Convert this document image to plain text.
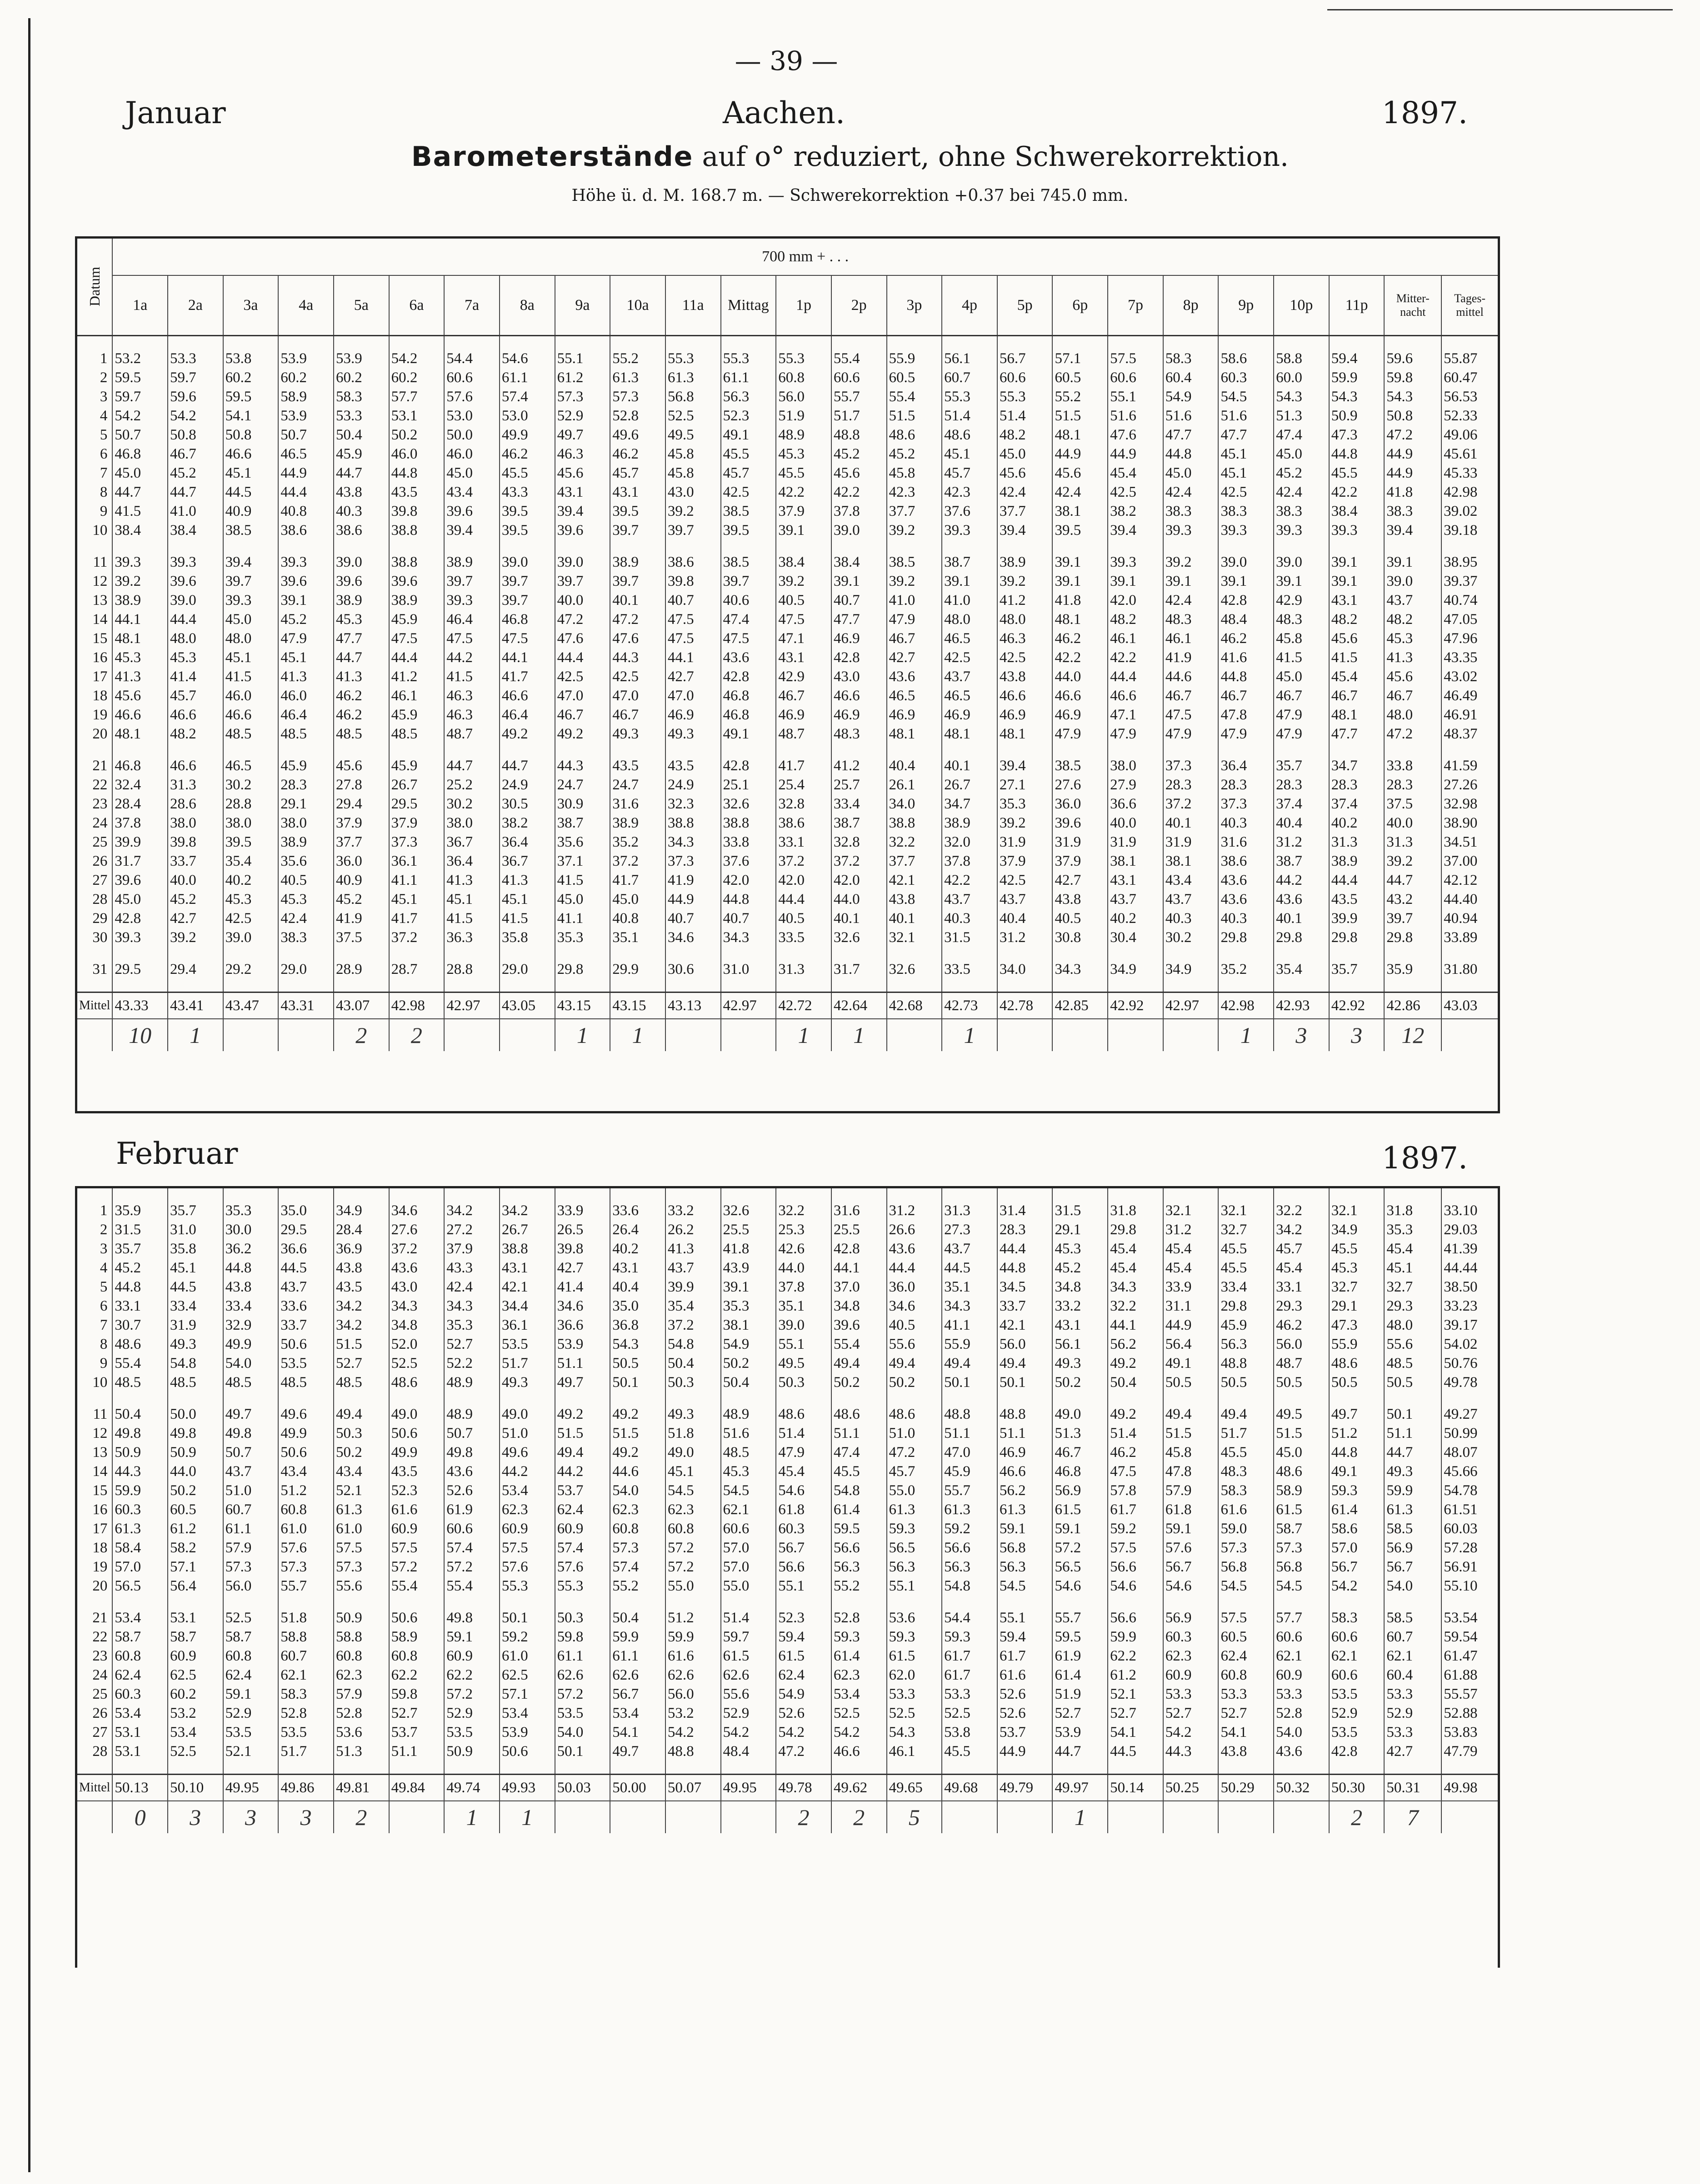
— 39 —
Januar	Aachen.	1897.
Barometerstände auf o° reduziert, ohne Schwerekorrektion.
Höhe ü. d. M. 168.7 m. — Schwerekorrektion +0.37 bei 745.0 mm.
Datum	700 mm + . . .																								
	1a	2a	3a	4a	5a	6a	7a	8a	9a	10a	11a	Mittag	1p	2p	3p	4p	5p	6p	7p	8p	9p	10p	11p	Mitter-nacht	Tages-mittel

1	53.2	53.3	53.8	53.9	53.9	54.2	54.4	54.6	55.1	55.2	55.3	55.3	55.3	55.4	55.9	56.1	56.7	57.1	57.5	58.3	58.6	58.8	59.4	59.6	55.87
2	59.5	59.7	60.2	60.2	60.2	60.2	60.6	61.1	61.2	61.3	61.3	61.1	60.8	60.6	60.5	60.7	60.6	60.5	60.6	60.4	60.3	60.0	59.9	59.8	60.47
3	59.7	59.6	59.5	58.9	58.3	57.7	57.6	57.4	57.3	57.3	56.8	56.3	56.0	55.7	55.4	55.3	55.3	55.2	55.1	54.9	54.5	54.3	54.3	54.3	56.53
4	54.2	54.2	54.1	53.9	53.3	53.1	53.0	53.0	52.9	52.8	52.5	52.3	51.9	51.7	51.5	51.4	51.4	51.5	51.6	51.6	51.6	51.3	50.9	50.8	52.33
5	50.7	50.8	50.8	50.7	50.4	50.2	50.0	49.9	49.7	49.6	49.5	49.1	48.9	48.8	48.6	48.6	48.2	48.1	47.6	47.7	47.7	47.4	47.3	47.2	49.06
6	46.8	46.7	46.6	46.5	45.9	46.0	46.0	46.2	46.3	46.2	45.8	45.5	45.3	45.2	45.2	45.1	45.0	44.9	44.9	44.8	45.1	45.0	44.8	44.9	45.61
7	45.0	45.2	45.1	44.9	44.7	44.8	45.0	45.5	45.6	45.7	45.8	45.7	45.5	45.6	45.8	45.7	45.6	45.6	45.4	45.0	45.1	45.2	45.5	44.9	45.33
8	44.7	44.7	44.5	44.4	43.8	43.5	43.4	43.3	43.1	43.1	43.0	42.5	42.2	42.2	42.3	42.3	42.4	42.4	42.5	42.4	42.5	42.4	42.2	41.8	42.98
9	41.5	41.0	40.9	40.8	40.3	39.8	39.6	39.5	39.4	39.5	39.2	38.5	37.9	37.8	37.7	37.6	37.7	38.1	38.2	38.3	38.3	38.3	38.4	38.3	39.02
10	38.4	38.4	38.5	38.6	38.6	38.8	39.4	39.5	39.6	39.7	39.7	39.5	39.1	39.0	39.2	39.3	39.4	39.5	39.4	39.3	39.3	39.3	39.3	39.4	39.18

11	39.3	39.3	39.4	39.3	39.0	38.8	38.9	39.0	39.0	38.9	38.6	38.5	38.4	38.4	38.5	38.7	38.9	39.1	39.3	39.2	39.0	39.0	39.1	39.1	38.95
12	39.2	39.6	39.7	39.6	39.6	39.6	39.7	39.7	39.7	39.7	39.8	39.7	39.2	39.1	39.2	39.1	39.2	39.1	39.1	39.1	39.1	39.1	39.1	39.0	39.37
13	38.9	39.0	39.3	39.1	38.9	38.9	39.3	39.7	40.0	40.1	40.7	40.6	40.5	40.7	41.0	41.0	41.2	41.8	42.0	42.4	42.8	42.9	43.1	43.7	40.74
14	44.1	44.4	45.0	45.2	45.3	45.9	46.4	46.8	47.2	47.2	47.5	47.4	47.5	47.7	47.9	48.0	48.0	48.1	48.2	48.3	48.4	48.3	48.2	48.2	47.05
15	48.1	48.0	48.0	47.9	47.7	47.5	47.5	47.5	47.6	47.6	47.5	47.5	47.1	46.9	46.7	46.5	46.3	46.2	46.1	46.1	46.2	45.8	45.6	45.3	47.96
16	45.3	45.3	45.1	45.1	44.7	44.4	44.2	44.1	44.4	44.3	44.1	43.6	43.1	42.8	42.7	42.5	42.5	42.2	42.2	41.9	41.6	41.5	41.5	41.3	43.35
17	41.3	41.4	41.5	41.3	41.3	41.2	41.5	41.7	42.5	42.5	42.7	42.8	42.9	43.0	43.6	43.7	43.8	44.0	44.4	44.6	44.8	45.0	45.4	45.6	43.02
18	45.6	45.7	46.0	46.0	46.2	46.1	46.3	46.6	47.0	47.0	47.0	46.8	46.7	46.6	46.5	46.5	46.6	46.6	46.6	46.7	46.7	46.7	46.7	46.7	46.49
19	46.6	46.6	46.6	46.4	46.2	45.9	46.3	46.4	46.7	46.7	46.9	46.8	46.9	46.9	46.9	46.9	46.9	46.9	47.1	47.5	47.8	47.9	48.1	48.0	46.91
20	48.1	48.2	48.5	48.5	48.5	48.5	48.7	49.2	49.2	49.3	49.3	49.1	48.7	48.3	48.1	48.1	48.1	47.9	47.9	47.9	47.9	47.9	47.7	47.2	48.37

21	46.8	46.6	46.5	45.9	45.6	45.9	44.7	44.7	44.3	43.5	43.5	42.8	41.7	41.2	40.4	40.1	39.4	38.5	38.0	37.3	36.4	35.7	34.7	33.8	41.59
22	32.4	31.3	30.2	28.3	27.8	26.7	25.2	24.9	24.7	24.7	24.9	25.1	25.4	25.7	26.1	26.7	27.1	27.6	27.9	28.3	28.3	28.3	28.3	28.3	27.26
23	28.4	28.6	28.8	29.1	29.4	29.5	30.2	30.5	30.9	31.6	32.3	32.6	32.8	33.4	34.0	34.7	35.3	36.0	36.6	37.2	37.3	37.4	37.4	37.5	32.98
24	37.8	38.0	38.0	38.0	37.9	37.9	38.0	38.2	38.7	38.9	38.8	38.8	38.6	38.7	38.8	38.9	39.2	39.6	40.0	40.1	40.3	40.4	40.2	40.0	38.90
25	39.9	39.8	39.5	38.9	37.7	37.3	36.7	36.4	35.6	35.2	34.3	33.8	33.1	32.8	32.2	32.0	31.9	31.9	31.9	31.9	31.6	31.2	31.3	31.3	34.51
26	31.7	33.7	35.4	35.6	36.0	36.1	36.4	36.7	37.1	37.2	37.3	37.6	37.2	37.2	37.7	37.8	37.9	37.9	38.1	38.1	38.6	38.7	38.9	39.2	37.00
27	39.6	40.0	40.2	40.5	40.9	41.1	41.3	41.3	41.5	41.7	41.9	42.0	42.0	42.0	42.1	42.2	42.5	42.7	43.1	43.4	43.6	44.2	44.4	44.7	42.12
28	45.0	45.2	45.3	45.3	45.2	45.1	45.1	45.1	45.0	45.0	44.9	44.8	44.4	44.0	43.8	43.7	43.7	43.8	43.7	43.7	43.6	43.6	43.5	43.2	44.40
29	42.8	42.7	42.5	42.4	41.9	41.7	41.5	41.5	41.1	40.8	40.7	40.7	40.5	40.1	40.1	40.3	40.4	40.5	40.2	40.3	40.3	40.1	39.9	39.7	40.94
30	39.3	39.2	39.0	38.3	37.5	37.2	36.3	35.8	35.3	35.1	34.6	34.3	33.5	32.6	32.1	31.5	31.2	30.8	30.4	30.2	29.8	29.8	29.8	29.8	33.89

31	29.5	29.4	29.2	29.0	28.9	28.7	28.8	29.0	29.8	29.9	30.6	31.0	31.3	31.7	32.6	33.5	34.0	34.3	34.9	34.9	35.2	35.4	35.7	35.9	31.80

Mittel	43.33	43.41	43.47	43.31	43.07	42.98	42.97	43.05	43.15	43.15	43.13	42.97	42.72	42.64	42.68	42.73	42.78	42.85	42.92	42.97	42.98	42.93	42.92	42.86	43.03
	10	1			2	2			1	1			1	1		1					1	3	3	12	
Februar	1897.

1	35.9	35.7	35.3	35.0	34.9	34.6	34.2	34.2	33.9	33.6	33.2	32.6	32.2	31.6	31.2	31.3	31.4	31.5	31.8	32.1	32.1	32.2	32.1	31.8	33.10
2	31.5	31.0	30.0	29.5	28.4	27.6	27.2	26.7	26.5	26.4	26.2	25.5	25.3	25.5	26.6	27.3	28.3	29.1	29.8	31.2	32.7	34.2	34.9	35.3	29.03
3	35.7	35.8	36.2	36.6	36.9	37.2	37.9	38.8	39.8	40.2	41.3	41.8	42.6	42.8	43.6	43.7	44.4	45.3	45.4	45.4	45.5	45.7	45.5	45.4	41.39
4	45.2	45.1	44.8	44.5	43.8	43.6	43.3	43.1	42.7	43.1	43.7	43.9	44.0	44.1	44.4	44.5	44.8	45.2	45.4	45.4	45.5	45.4	45.3	45.1	44.44
5	44.8	44.5	43.8	43.7	43.5	43.0	42.4	42.1	41.4	40.4	39.9	39.1	37.8	37.0	36.0	35.1	34.5	34.8	34.3	33.9	33.4	33.1	32.7	32.7	38.50
6	33.1	33.4	33.4	33.6	34.2	34.3	34.3	34.4	34.6	35.0	35.4	35.3	35.1	34.8	34.6	34.3	33.7	33.2	32.2	31.1	29.8	29.3	29.1	29.3	33.23
7	30.7	31.9	32.9	33.7	34.2	34.8	35.3	36.1	36.6	36.8	37.2	38.1	39.0	39.6	40.5	41.1	42.1	43.1	44.1	44.9	45.9	46.2	47.3	48.0	39.17
8	48.6	49.3	49.9	50.6	51.5	52.0	52.7	53.5	53.9	54.3	54.8	54.9	55.1	55.4	55.6	55.9	56.0	56.1	56.2	56.4	56.3	56.0	55.9	55.6	54.02
9	55.4	54.8	54.0	53.5	52.7	52.5	52.2	51.7	51.1	50.5	50.4	50.2	49.5	49.4	49.4	49.4	49.4	49.3	49.2	49.1	48.8	48.7	48.6	48.5	50.76
10	48.5	48.5	48.5	48.5	48.5	48.6	48.9	49.3	49.7	50.1	50.3	50.4	50.3	50.2	50.2	50.1	50.1	50.2	50.4	50.5	50.5	50.5	50.5	50.5	49.78

11	50.4	50.0	49.7	49.6	49.4	49.0	48.9	49.0	49.2	49.2	49.3	48.9	48.6	48.6	48.6	48.8	48.8	49.0	49.2	49.4	49.4	49.5	49.7	50.1	49.27
12	49.8	49.8	49.8	49.9	50.3	50.6	50.7	51.0	51.5	51.5	51.8	51.6	51.4	51.1	51.0	51.1	51.1	51.3	51.4	51.5	51.7	51.5	51.2	51.1	50.99
13	50.9	50.9	50.7	50.6	50.2	49.9	49.8	49.6	49.4	49.2	49.0	48.5	47.9	47.4	47.2	47.0	46.9	46.7	46.2	45.8	45.5	45.0	44.8	44.7	48.07
14	44.3	44.0	43.7	43.4	43.4	43.5	43.6	44.2	44.2	44.6	45.1	45.3	45.4	45.5	45.7	45.9	46.6	46.8	47.5	47.8	48.3	48.6	49.1	49.3	45.66
15	59.9	50.2	51.0	51.2	52.1	52.3	52.6	53.4	53.7	54.0	54.5	54.5	54.6	54.8	55.0	55.7	56.2	56.9	57.8	57.9	58.3	58.9	59.3	59.9	54.78
16	60.3	60.5	60.7	60.8	61.3	61.6	61.9	62.3	62.4	62.3	62.3	62.1	61.8	61.4	61.3	61.3	61.3	61.5	61.7	61.8	61.6	61.5	61.4	61.3	61.51
17	61.3	61.2	61.1	61.0	61.0	60.9	60.6	60.9	60.9	60.8	60.8	60.6	60.3	59.5	59.3	59.2	59.1	59.1	59.2	59.1	59.0	58.7	58.6	58.5	60.03
18	58.4	58.2	57.9	57.6	57.5	57.5	57.4	57.5	57.4	57.3	57.2	57.0	56.7	56.6	56.5	56.6	56.8	57.2	57.5	57.6	57.3	57.3	57.0	56.9	57.28
19	57.0	57.1	57.3	57.3	57.3	57.2	57.2	57.6	57.6	57.4	57.2	57.0	56.6	56.3	56.3	56.3	56.3	56.5	56.6	56.7	56.8	56.8	56.7	56.7	56.91
20	56.5	56.4	56.0	55.7	55.6	55.4	55.4	55.3	55.3	55.2	55.0	55.0	55.1	55.2	55.1	54.8	54.5	54.6	54.6	54.6	54.5	54.5	54.2	54.0	55.10

21	53.4	53.1	52.5	51.8	50.9	50.6	49.8	50.1	50.3	50.4	51.2	51.4	52.3	52.8	53.6	54.4	55.1	55.7	56.6	56.9	57.5	57.7	58.3	58.5	53.54
22	58.7	58.7	58.7	58.8	58.8	58.9	59.1	59.2	59.8	59.9	59.9	59.7	59.4	59.3	59.3	59.3	59.4	59.5	59.9	60.3	60.5	60.6	60.6	60.7	59.54
23	60.8	60.9	60.8	60.7	60.8	60.8	60.9	61.0	61.1	61.1	61.6	61.5	61.5	61.4	61.5	61.7	61.7	61.9	62.2	62.3	62.4	62.1	62.1	62.1	61.47
24	62.4	62.5	62.4	62.1	62.3	62.2	62.2	62.5	62.6	62.6	62.6	62.6	62.4	62.3	62.0	61.7	61.6	61.4	61.2	60.9	60.8	60.9	60.6	60.4	61.88
25	60.3	60.2	59.1	58.3	57.9	59.8	57.2	57.1	57.2	56.7	56.0	55.6	54.9	53.4	53.3	53.3	52.6	51.9	52.1	53.3	53.3	53.3	53.5	53.3	55.57
26	53.4	53.2	52.9	52.8	52.8	52.7	52.9	53.4	53.5	53.4	53.2	52.9	52.6	52.5	52.5	52.5	52.6	52.7	52.7	52.7	52.7	52.8	52.9	52.9	52.88
27	53.1	53.4	53.5	53.5	53.6	53.7	53.5	53.9	54.0	54.1	54.2	54.2	54.2	54.2	54.3	53.8	53.7	53.9	54.1	54.2	54.1	54.0	53.5	53.3	53.83
28	53.1	52.5	52.1	51.7	51.3	51.1	50.9	50.6	50.1	49.7	48.8	48.4	47.2	46.6	46.1	45.5	44.9	44.7	44.5	44.3	43.8	43.6	42.8	42.7	47.79

Mittel	50.13	50.10	49.95	49.86	49.81	49.84	49.74	49.93	50.03	50.00	50.07	49.95	49.78	49.62	49.65	49.68	49.79	49.97	50.14	50.25	50.29	50.32	50.30	50.31	49.98
	0	3	3	3	2		1	1					2	2	5			1					2	7	
